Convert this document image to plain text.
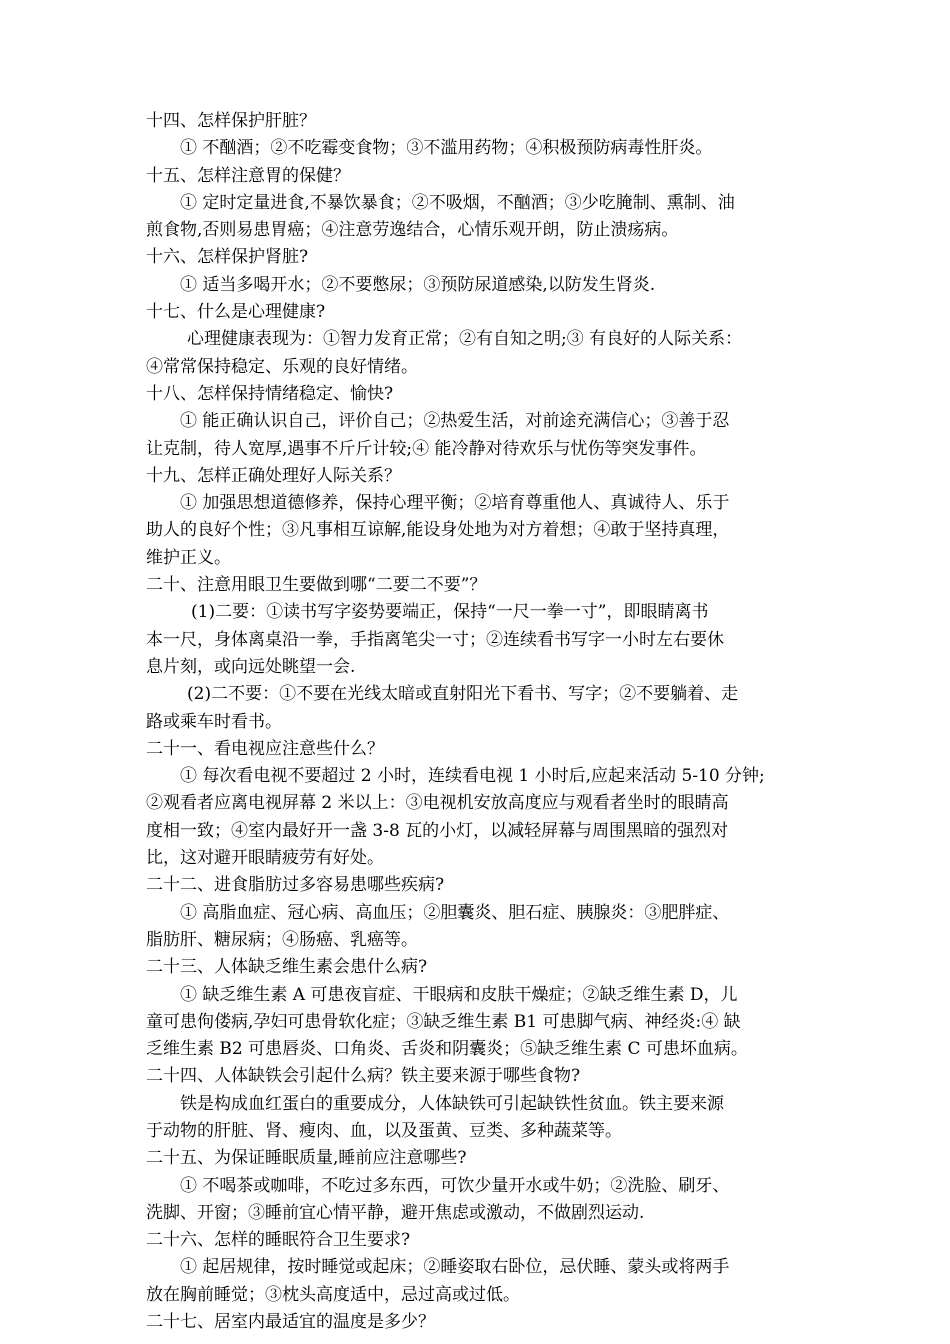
十四、怎样保护肝脏？

① 不酗酒；②不吃霉变食物；③不滥用药物；④积极预防病毒性肝炎。

十五、怎样注意胃的保健？

① 定时定量进食,不暴饮暴食；②不吸烟，不酗酒；③少吃腌制、熏制、油

煎食物,否则易患胃癌；④注意劳逸结合，心情乐观开朗，防止溃疡病。

十六、怎样保护肾脏?

① 适当多喝开水；②不要憋尿；③预防尿道感染,以防发生肾炎.

十七、什么是心理健康?

心理健康表现为：①智力发育正常；②有自知之明;③ 有良好的人际关系：

④常常保持稳定、乐观的良好情绪。

十八、怎样保持情绪稳定、愉快?

① 能正确认识自己，评价自己；②热爱生活，对前途充满信心；③善于忍

让克制，待人宽厚,遇事不斤斤计较;④ 能冷静对待欢乐与忧伤等突发事件。

十九、怎样正确处理好人际关系？

① 加强思想道德修养，保持心理平衡；②培育尊重他人、真诚待人、乐于

助人的良好个性；③凡事相互谅解,能设身处地为对方着想；④敢于坚持真理，

维护正义。

二十、注意用眼卫生要做到哪“二要二不要”？

(1)二要：①读书写字姿势要端正，保持“一尺一拳一寸”，即眼睛离书

本一尺，身体离桌沿一拳，手指离笔尖一寸；②连续看书写字一小时左右要休

息片刻，或向远处眺望一会.

(2)二不要：①不要在光线太暗或直射阳光下看书、写字；②不要躺着、走

路或乘车时看书。

二十一、看电视应注意些什么？

① 每次看电视不要超过 2 小时，连续看电视 1 小时后,应起来活动 5-10 分钟;

②观看者应离电视屏幕 2 米以上：③电视机安放高度应与观看者坐时的眼睛高

度相一致；④室内最好开一盏 3-8 瓦的小灯，以减轻屏幕与周围黑暗的强烈对

比，这对避开眼睛疲劳有好处。

二十二、进食脂肪过多容易患哪些疾病?

① 高脂血症、冠心病、高血压；②胆囊炎、胆石症、胰腺炎：③肥胖症、

脂肪肝、糖尿病；④肠癌、乳癌等。

二十三、人体缺乏维生素会患什么病?

① 缺乏维生素 A 可患夜盲症、干眼病和皮肤干燥症；②缺乏维生素 D，儿

童可患佝偻病,孕妇可患骨软化症；③缺乏维生素 B1 可患脚气病、神经炎:④ 缺

乏维生素 B2 可患唇炎、口角炎、舌炎和阴囊炎；⑤缺乏维生素 C 可患坏血病。

二十四、人体缺铁会引起什么病？铁主要来源于哪些食物?

铁是构成血红蛋白的重要成分，人体缺铁可引起缺铁性贫血。铁主要来源

于动物的肝脏、肾、瘦肉、血，以及蛋黄、豆类、多种蔬菜等。

二十五、为保证睡眠质量,睡前应注意哪些?

① 不喝茶或咖啡，不吃过多东西，可饮少量开水或牛奶；②洗脸、刷牙、

洗脚、开窗；③睡前宜心情平静，避开焦虑或激动，不做剧烈运动.

二十六、怎样的睡眠符合卫生要求?

① 起居规律，按时睡觉或起床；②睡姿取右卧位，忌伏睡、蒙头或将两手

放在胸前睡觉；③枕头高度适中，忌过高或过低。

二十七、居室内最适宜的温度是多少？
